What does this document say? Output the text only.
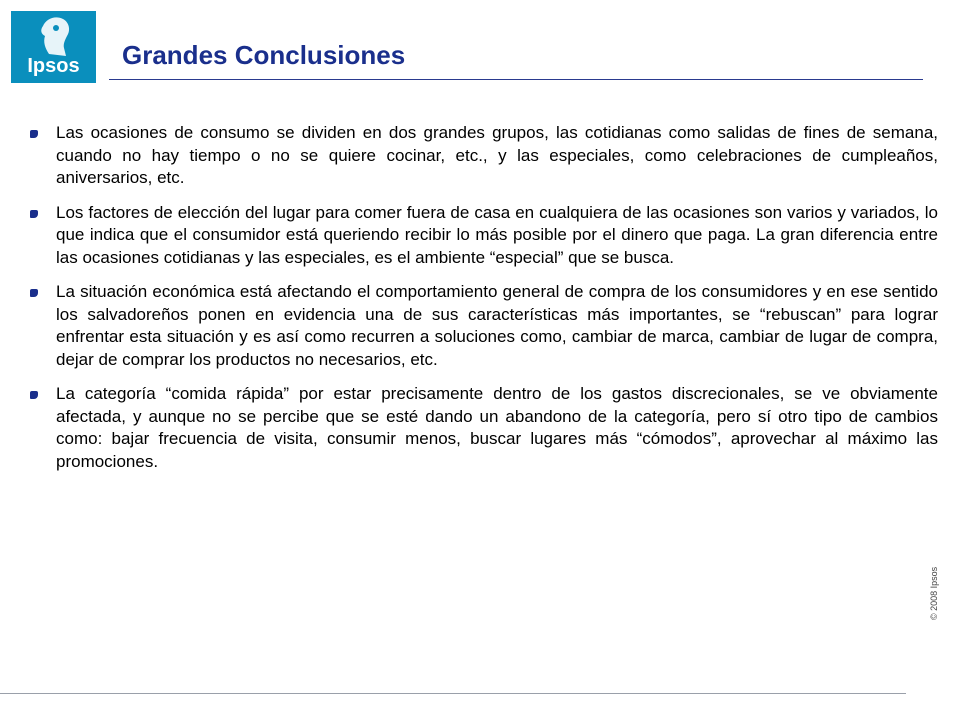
Ipsos	Grandes Conclusiones
Las ocasiones de consumo se dividen en dos grandes grupos, las cotidianas como salidas de fines de semana, cuando no hay tiempo o no se quiere cocinar, etc., y las especiales, como celebraciones de cumpleaños, aniversarios, etc.
Los factores de elección del lugar para comer fuera de casa en cualquiera de las ocasiones son varios y variados, lo que indica que el consumidor está queriendo recibir lo más posible por el dinero que paga. La gran diferencia entre las ocasiones cotidianas y las especiales, es el ambiente “especial” que se busca.
La situación económica está afectando el comportamiento general de compra de los consumidores y en ese sentido los salvadoreños ponen en evidencia una de sus características más importantes, se “rebuscan” para lograr enfrentar esta situación y es así como recurren a soluciones como, cambiar de marca, cambiar de lugar de compra, dejar de comprar los productos no necesarios, etc.
La categoría “comida rápida” por estar precisamente dentro de los gastos discrecionales, se ve obviamente afectada, y aunque no se percibe que se esté dando un abandono de la categoría, pero sí otro tipo de cambios como: bajar frecuencia de visita, consumir menos, buscar lugares más “cómodos”, aprovechar al máximo las promociones.
© 2008 Ipsos
